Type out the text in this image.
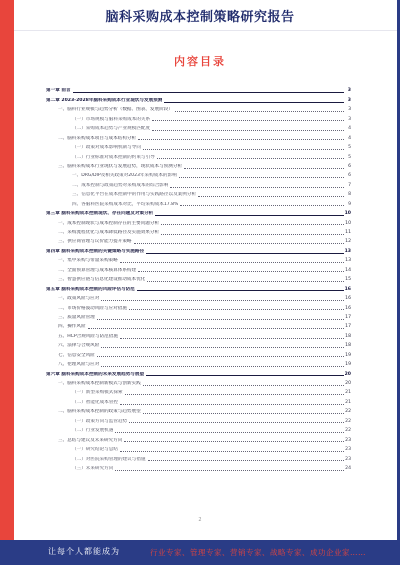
脑科采购成本控制策略研究报告
内容目录
第一章 前言	3
第二章 2023-2028年脑科采购成本行业现状与发展预测	3
一、脑科行业规模与趋势分析（数据、图表、发展阶段）	3
（一）市场规模与脑科采购成本的关系	3
（二）采购成本趋势与产业规模匹配度	4
二、脑科采购成本项目与成本结构分析	4
（一）政策对成本影响机制与导向	5
（二）行业标准对成本控制的约束与引导	5
三、脑科采购成本行业现状与发展趋势，现状成本与预测分析	6
一、DRG/DIP及相关政策对2023年采购成本的影响	6
二、成本控制与政策趋势对采购成本的综合影响	7
三、信息化平台在成本控制中的作用与实践路径以及案例分析	8
四、各脑科医院采购成本对比，平均采购成本17.8%	9
第三章 脑科采购成本控制现状、存在问题及对策分析	10
一、成本控制现状与成本控制存在的主要问题分析	10
二、采购流程优化与成本降低路径及实施效果分析	11
三、供应商管理与议价能力提升策略	12
第四章 脑科采购成本控制的关键策略与实施路径	13
一、集中采购与带量采购策略	13
二、全面预算管理与成本核算体系构建	14
三、智慧供应链与信息化建设推动成本优化	15
第五章 脑科采购成本控制的风险评估与防范	16
一、政策风险与应对	16
二、市场价格波动风险与应对措施	16
三、质量风险管理	17
四、操作风险	17
五、HCP合规风险与防范措施	18
六、法律与合规风险	18
七、信息安全风险	19
八、伦理风险与应对	19
第六章 脑科采购成本控制的未来发展趋势与展望	20
一、脑科采购成本控制新模式与创新实践	20
（一）新型采购模式探索	21
（二）智能化成本管控	21
二、脑科采购成本控制的政策与趋势展望	22
（一）政策方向与监管趋势	22
（二）行业发展机遇	22
三、总结与建议及未来研究方向	23
（一）研究结论与总结	23
（二）对医院采购管理的建议与措施	23
（三）未来研究方向	24
2
让每个人都能成为	行业专家、管理专家、营销专家、战略专家、成功企业家……
